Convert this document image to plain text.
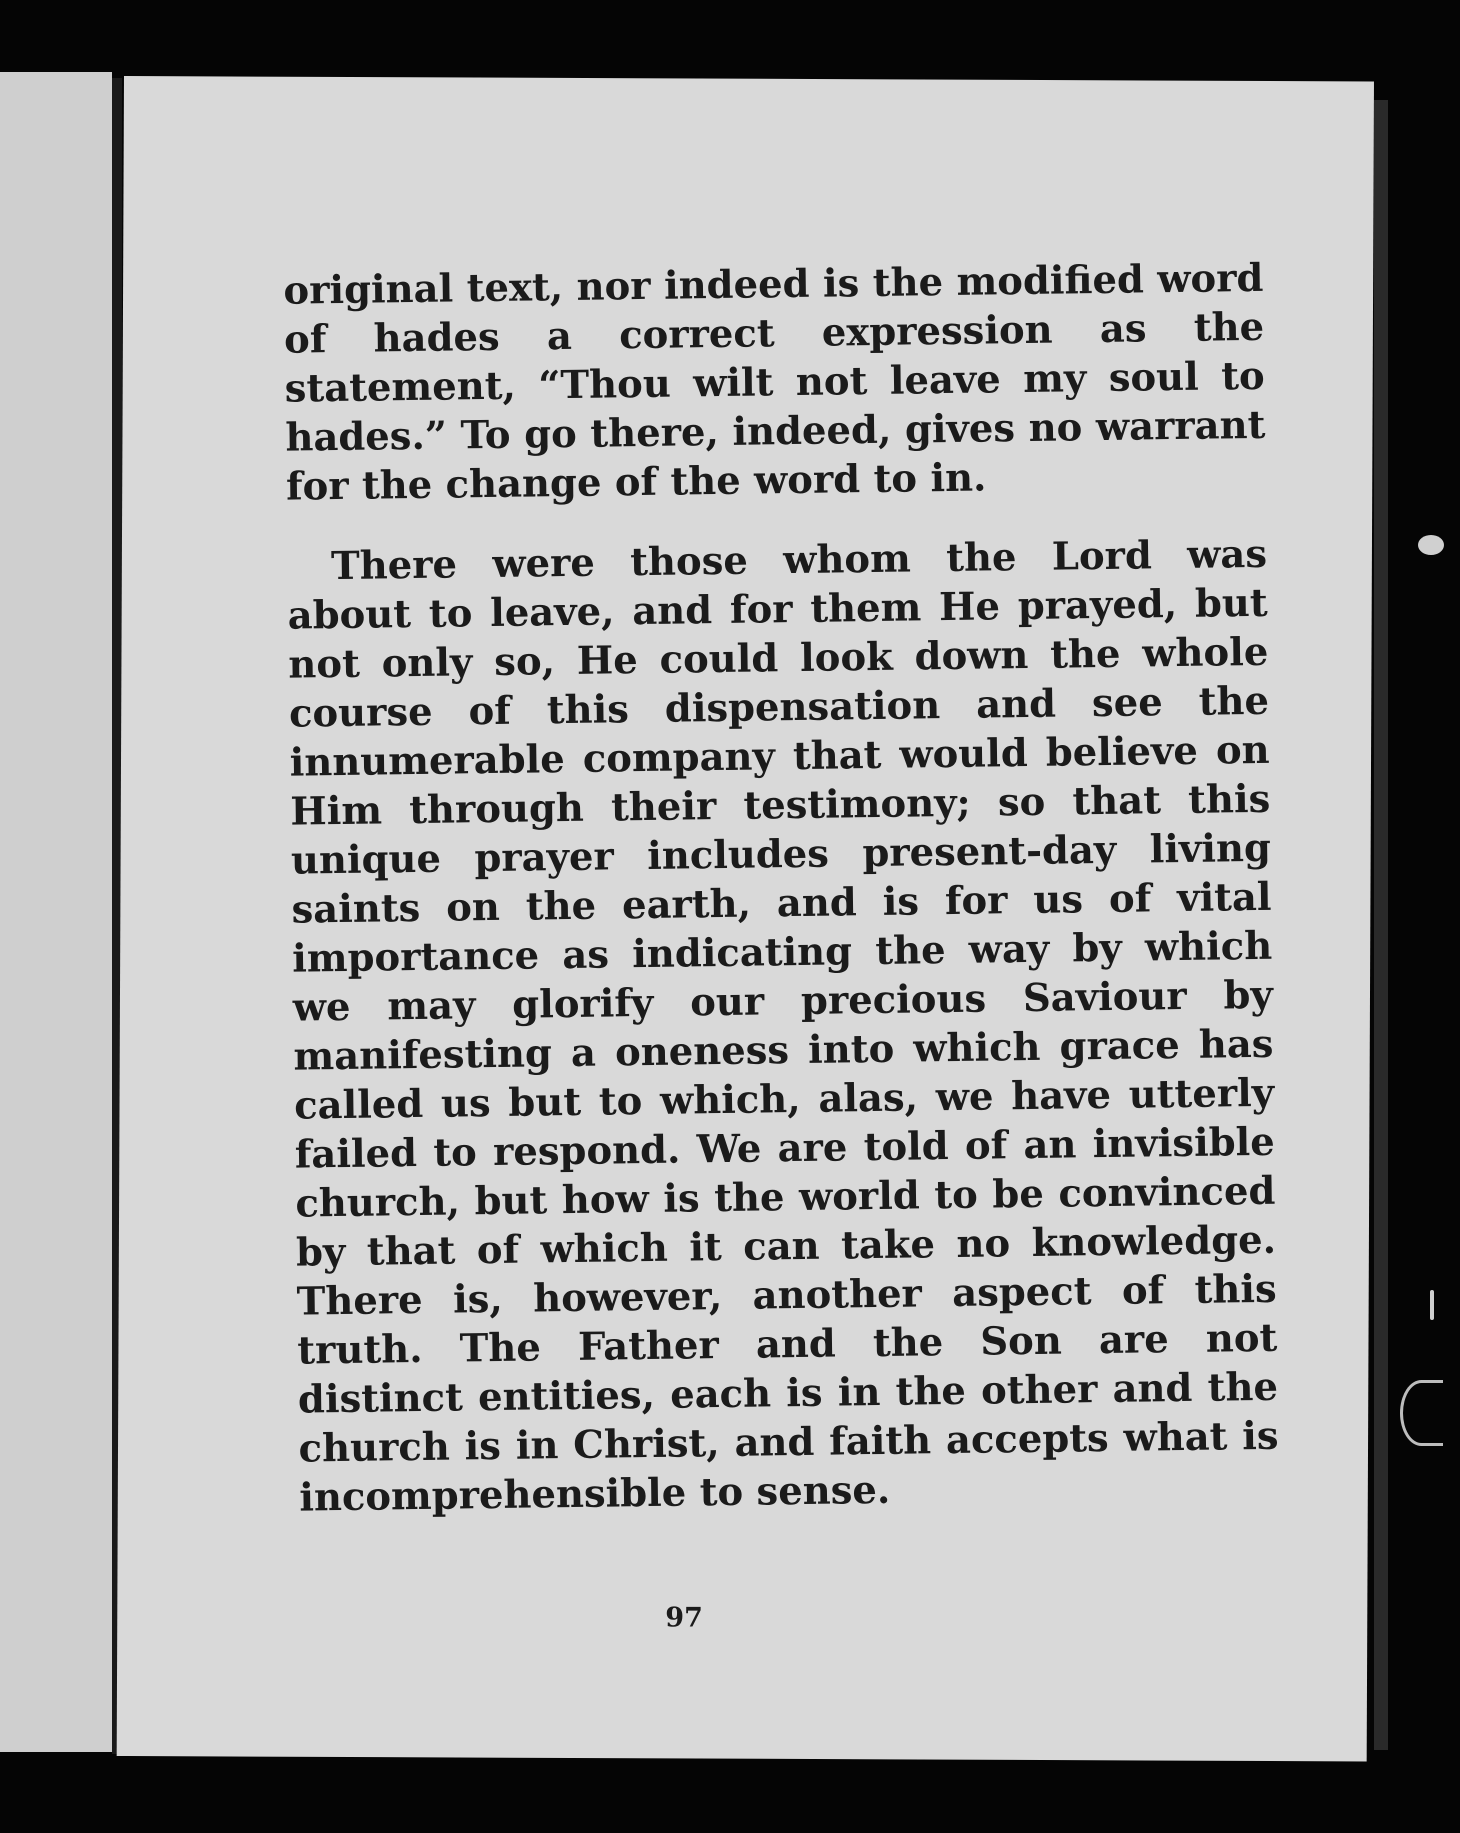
original text, nor indeed is the modified word of hades a correct expression as the statement, “Thou wilt not leave my soul to hades.” To go there, indeed, gives no warrant for the change of the word to in.

There were those whom the Lord was about to leave, and for them He prayed, but not only so, He could look down the whole course of this dispensation and see the innumerable company that would believe on Him through their testimony; so that this unique prayer includes present-day living saints on the earth, and is for us of vital importance as indicating the way by which we may glorify our precious Saviour by manifesting a oneness into which grace has called us but to which, alas, we have utterly failed to respond. We are told of an invisible church, but how is the world to be convinced by that of which it can take no knowledge. There is, however, another aspect of this truth. The Father and the Son are not distinct entities, each is in the other and the church is in Christ, and faith accepts what is incomprehensible to sense.

97
